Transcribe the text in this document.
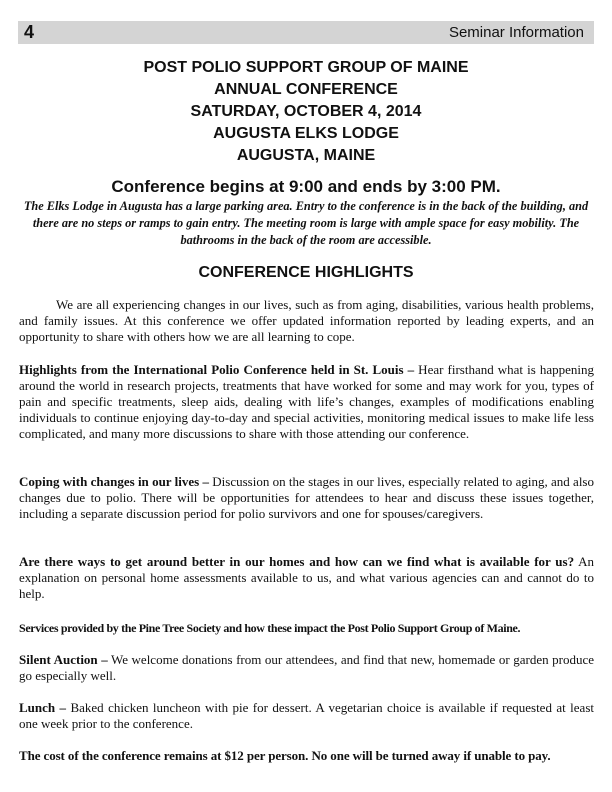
4	Seminar Information
POST POLIO SUPPORT GROUP OF MAINE
ANNUAL CONFERENCE
SATURDAY, OCTOBER 4, 2014
AUGUSTA ELKS LODGE
AUGUSTA, MAINE
Conference begins at 9:00 and ends by 3:00 PM.
The Elks Lodge in Augusta has a large parking area. Entry to the conference is in the back of the building, and there are no steps or ramps to gain entry. The meeting room is large with ample space for easy mobility. The bathrooms in the back of the room are accessible.
CONFERENCE HIGHLIGHTS

We are all experiencing changes in our lives, such as from aging, disabilities, various health problems, and family issues. At this conference we offer updated information reported by leading experts, and an opportunity to share with others how we are all learning to cope.

Highlights from the International Polio Conference held in St. Louis – Hear firsthand what is happening around the world in research projects, treatments that have worked for some and may work for you, types of pain and specific treatments, sleep aids, dealing with life’s changes, examples of modifications enabling individuals to continue enjoying day-to-day and special activities, monitoring medical issues to make life less complicated, and many more discussions to share with those attending our conference.

Coping with changes in our lives – Discussion on the stages in our lives, especially related to aging, and also changes due to polio. There will be opportunities for attendees to hear and discuss these issues together, including a separate discussion period for polio survivors and one for spouses/caregivers.

Are there ways to get around better in our homes and how can we find what is available for us? An explanation on personal home assessments available to us, and what various agencies can and cannot do to help.

Services provided by the Pine Tree Society and how these impact the Post Polio Support Group of Maine.

Silent Auction – We welcome donations from our attendees, and find that new, homemade or garden produce go especially well.

Lunch – Baked chicken luncheon with pie for dessert. A vegetarian choice is available if requested at least one week prior to the conference.

The cost of the conference remains at $12 per person. No one will be turned away if unable to pay.
